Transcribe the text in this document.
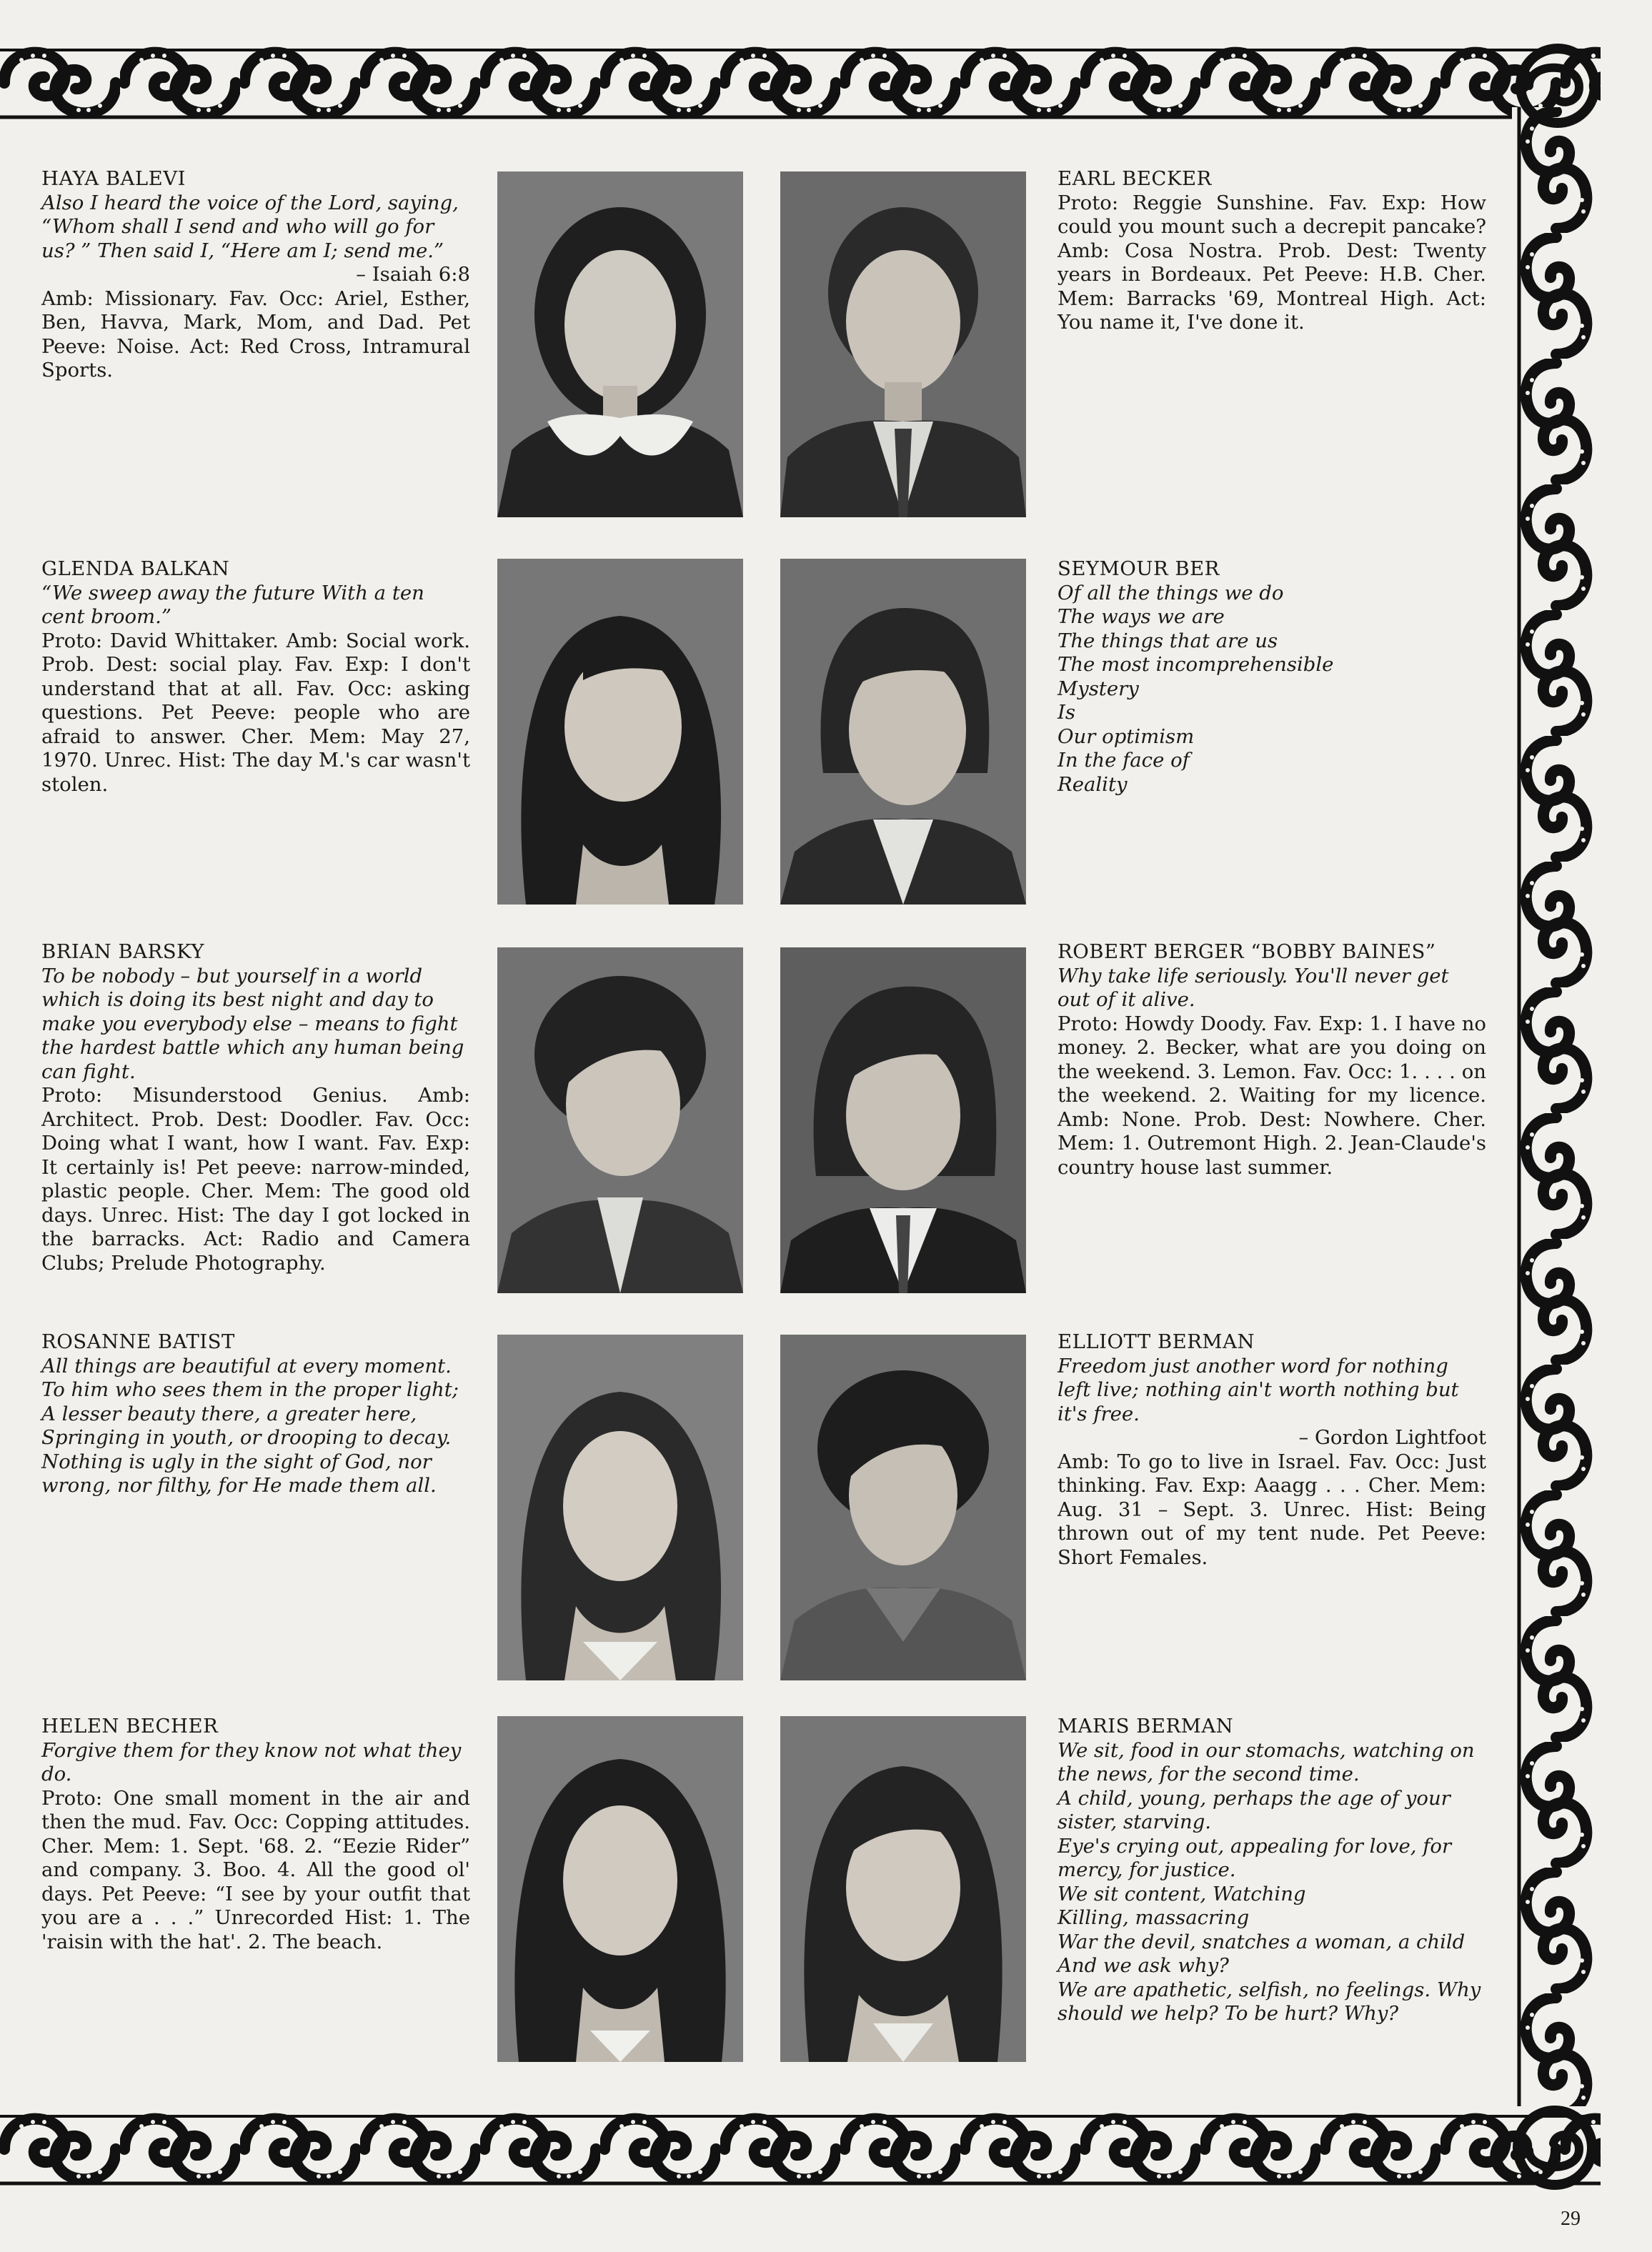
HAYA BALEVI
Also I heard the voice of the Lord, saying, “Whom shall I send and who will go for us? ” Then said I, “Here am I; send me.”
– Isaiah 6:8
Amb: Missionary. Fav. Occ: Ariel, Esther, Ben, Havva, Mark, Mom, and Dad. Pet Peeve: Noise. Act: Red Cross, Intramural Sports.
GLENDA BALKAN
“We sweep away the future With a ten cent broom.”
Proto: David Whittaker. Amb: Social work. Prob. Dest: social play. Fav. Exp: I don't understand that at all. Fav. Occ: asking questions. Pet Peeve: people who are afraid to answer. Cher. Mem: May 27, 1970. Unrec. Hist: The day M.'s car wasn't stolen.
BRIAN BARSKY
To be nobody – but yourself in a world which is doing its best night and day to make you everybody else – means to fight the hardest battle which any human being can fight.
Proto: Misunderstood Genius. Amb: Architect. Prob. Dest: Doodler. Fav. Occ: Doing what I want, how I want. Fav. Exp: It certainly is! Pet peeve: narrow-minded, plastic people. Cher. Mem: The good old days. Unrec. Hist: The day I got locked in the barracks. Act: Radio and Camera Clubs; Prelude Photography.
ROSANNE BATIST
All things are beautiful at every moment. To him who sees them in the proper light; A lesser beauty there, a greater here, Springing in youth, or drooping to decay. Nothing is ugly in the sight of God, nor wrong, nor filthy, for He made them all.
HELEN BECHER
Forgive them for they know not what they do.
Proto: One small moment in the air and then the mud. Fav. Occ: Copping attitudes. Cher. Mem: 1. Sept. '68. 2. “Eezie Rider” and company. 3. Boo. 4. All the good ol' days. Pet Peeve: “I see by your outfit that you are a . . .” Unrecorded Hist: 1. The 'raisin with the hat'. 2. The beach.
EARL BECKER
Proto: Reggie Sunshine. Fav. Exp: How could you mount such a decrepit pancake? Amb: Cosa Nostra. Prob. Dest: Twenty years in Bordeaux. Pet Peeve: H.B. Cher. Mem: Barracks '69, Montreal High. Act: You name it, I've done it.
SEYMOUR BER
Of all the things we do
The ways we are
The things that are us
The most incomprehensible
Mystery
Is
Our optimism
In the face of
Reality
ROBERT BERGER “BOBBY BAINES”
Why take life seriously. You'll never get out of it alive.
Proto: Howdy Doody. Fav. Exp: 1. I have no money. 2. Becker, what are you doing on the weekend. 3. Lemon. Fav. Occ: 1. . . . on the weekend. 2. Waiting for my licence. Amb: None. Prob. Dest: Nowhere. Cher. Mem: 1. Outremont High. 2. Jean-Claude's country house last summer.
ELLIOTT BERMAN
Freedom just another word for nothing left live; nothing ain't worth nothing but it's free.
– Gordon Lightfoot
Amb: To go to live in Israel. Fav. Occ: Just thinking. Fav. Exp: Aaagg . . . Cher. Mem: Aug. 31 – Sept. 3. Unrec. Hist: Being thrown out of my tent nude. Pet Peeve: Short Females.
MARIS BERMAN
We sit, food in our stomachs, watching on the news, for the second time.
A child, young, perhaps the age of your sister, starving.
Eye's crying out, appealing for love, for mercy, for justice.
We sit content, Watching
Killing, massacring
War the devil, snatches a woman, a child
And we ask why?
We are apathetic, selfish, no feelings. Why should we help? To be hurt? Why?
29
